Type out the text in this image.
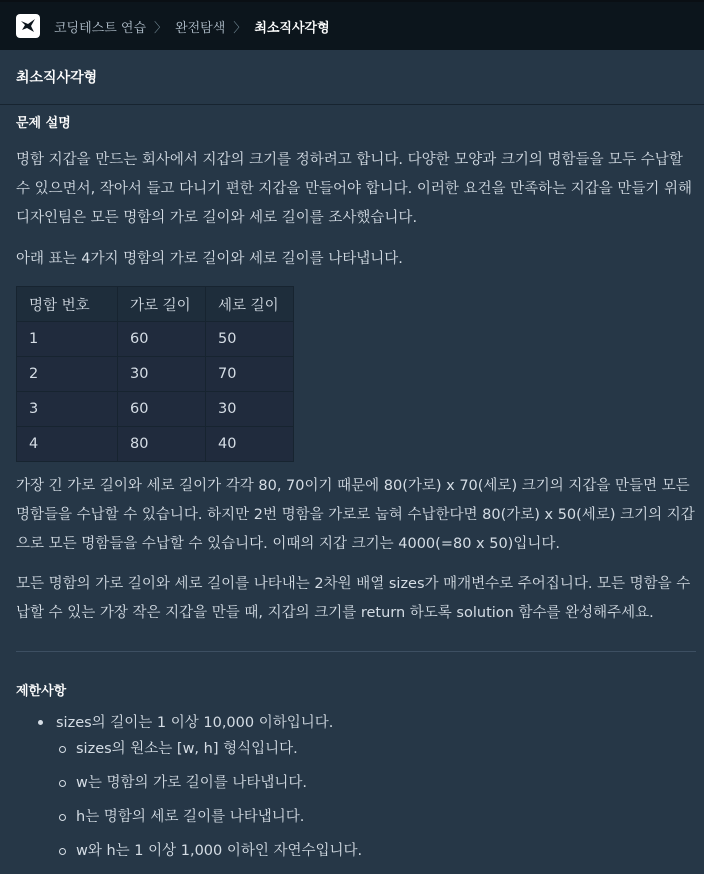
코딩테스트 연습 〉 완전탐색 〉 최소직사각형
최소직사각형
문제 설명

명함 지갑을 만드는 회사에서 지갑의 크기를 정하려고 합니다. 다양한 모양과 크기의 명함들을 모두 수납할 수 있으면서, 작아서 들고 다니기 편한 지갑을 만들어야 합니다. 이러한 요건을 만족하는 지갑을 만들기 위해 디자인팀은 모든 명함의 가로 길이와 세로 길이를 조사했습니다.

아래 표는 4가지 명함의 가로 길이와 세로 길이를 나타냅니다.

명함 번호	가로 길이	세로 길이
1	60	50
2	30	70
3	60	30
4	80	40

가장 긴 가로 길이와 세로 길이가 각각 80, 70이기 때문에 80(가로) x 70(세로) 크기의 지갑을 만들면 모든 명함들을 수납할 수 있습니다. 하지만 2번 명함을 가로로 눕혀 수납한다면 80(가로) x 50(세로) 크기의 지갑으로 모든 명함들을 수납할 수 있습니다. 이때의 지갑 크기는 4000(=80 x 50)입니다.

모든 명함의 가로 길이와 세로 길이를 나타내는 2차원 배열 sizes가 매개변수로 주어집니다. 모든 명함을 수납할 수 있는 가장 작은 지갑을 만들 때, 지갑의 크기를 return 하도록 solution 함수를 완성해주세요.

제한사항
sizes의 길이는 1 이상 10,000 이하입니다.
sizes의 원소는 [w, h] 형식입니다.
w는 명함의 가로 길이를 나타냅니다.
h는 명함의 세로 길이를 나타냅니다.
w와 h는 1 이상 1,000 이하인 자연수입니다.
